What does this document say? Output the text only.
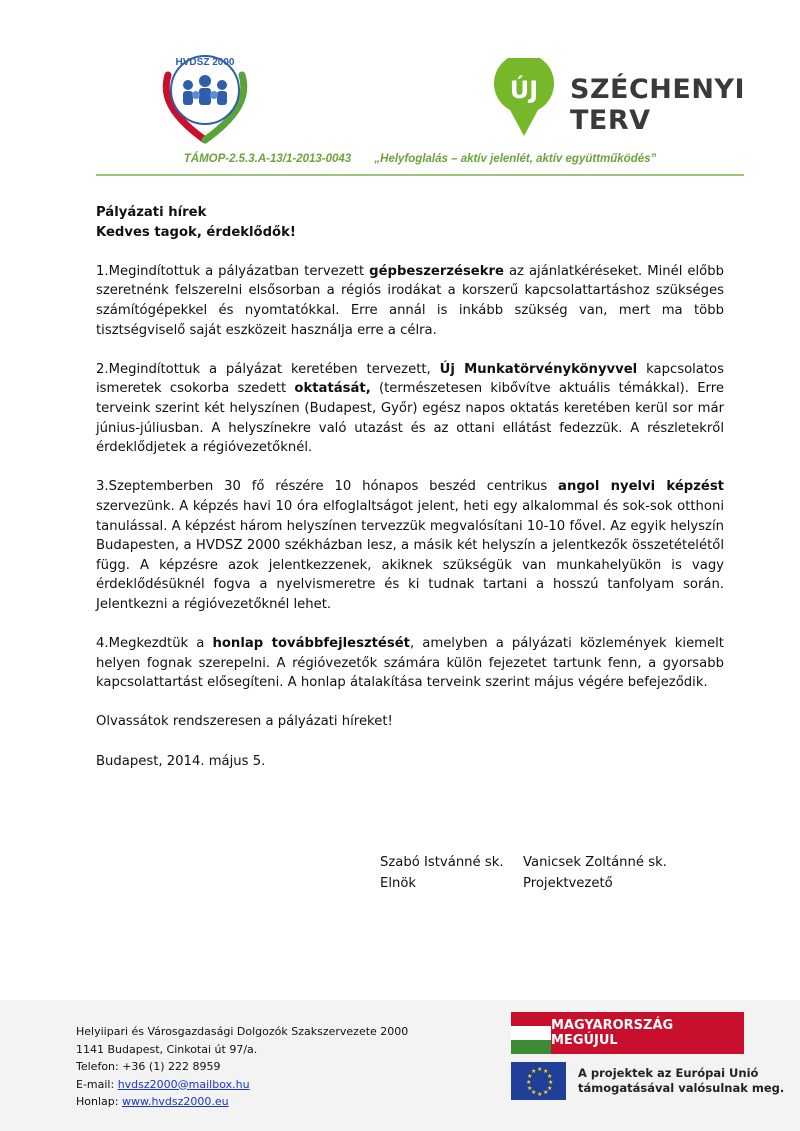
HVDSZ 2000
ÚJ SZÉCHENYI TERV
TÁMOP-2.5.3.A-13/1-2013-0043 „Helyfoglalás – aktív jelenlét, aktív együttműködés”

Pályázati hírek
Kedves tagok, érdeklődők!

1.Megindítottuk a pályázatban tervezett gépbeszerzésekre az ajánlatkéréseket. Minél előbb szeretnénk felszerelni elsősorban a régiós irodákat a korszerű kapcsolattartáshoz szükséges számítógépekkel és nyomtatókkal. Erre annál is inkább szükség van, mert ma több tisztségviselő saját eszközeit használja erre a célra.

2.Megindítottuk a pályázat keretében tervezett, Új Munkatörvénykönyvvel kapcsolatos ismeretek csokorba szedett oktatását, (természetesen kibővítve aktuális témákkal). Erre terveink szerint két helyszínen (Budapest, Győr) egész napos oktatás keretében kerül sor már június-júliusban. A helyszínekre való utazást és az ottani ellátást fedezzük. A részletekről érdeklődjetek a régióvezetőknél.

3.Szeptemberben 30 fő részére 10 hónapos beszéd centrikus angol nyelvi képzést szervezünk. A képzés havi 10 óra elfoglaltságot jelent, heti egy alkalommal és sok-sok otthoni tanulással. A képzést három helyszínen tervezzük megvalósítani 10-10 fővel. Az egyik helyszín Budapesten, a HVDSZ 2000 székházban lesz, a másik két helyszín a jelentkezők összetételétől függ. A képzésre azok jelentkezzenek, akiknek szükségük van munkahelyükön is vagy érdeklődésüknél fogva a nyelvismeretre és ki tudnak tartani a hosszú tanfolyam során. Jelentkezni a régióvezetőknél lehet.

4.Megkezdtük a honlap továbbfejlesztését, amelyben a pályázati közlemények kiemelt helyen fognak szerepelni. A régióvezetők számára külön fejezetet tartunk fenn, a gyorsabb kapcsolattartást elősegíteni. A honlap átalakítása terveink szerint május végére befejeződik.

Olvassátok rendszeresen a pályázati híreket!

Budapest, 2014. május 5.

Szabó Istvánné sk.
Elnök
Vanicsek Zoltánné sk.
Projektvezető
Helyiipari és Városgazdasági Dolgozók Szakszervezete 2000
1141 Budapest, Cinkotai út 97/a.
Telefon: +36 (1) 222 8959
E-mail: hvdsz2000@mailbox.hu
Honlap: www.hvdsz2000.eu
MAGYARORSZÁG MEGÚJUL
★ ★
★
★
★
★
★
★
★
★
★
★	A projektek az Európai Unió
támogatásával valósulnak meg.
